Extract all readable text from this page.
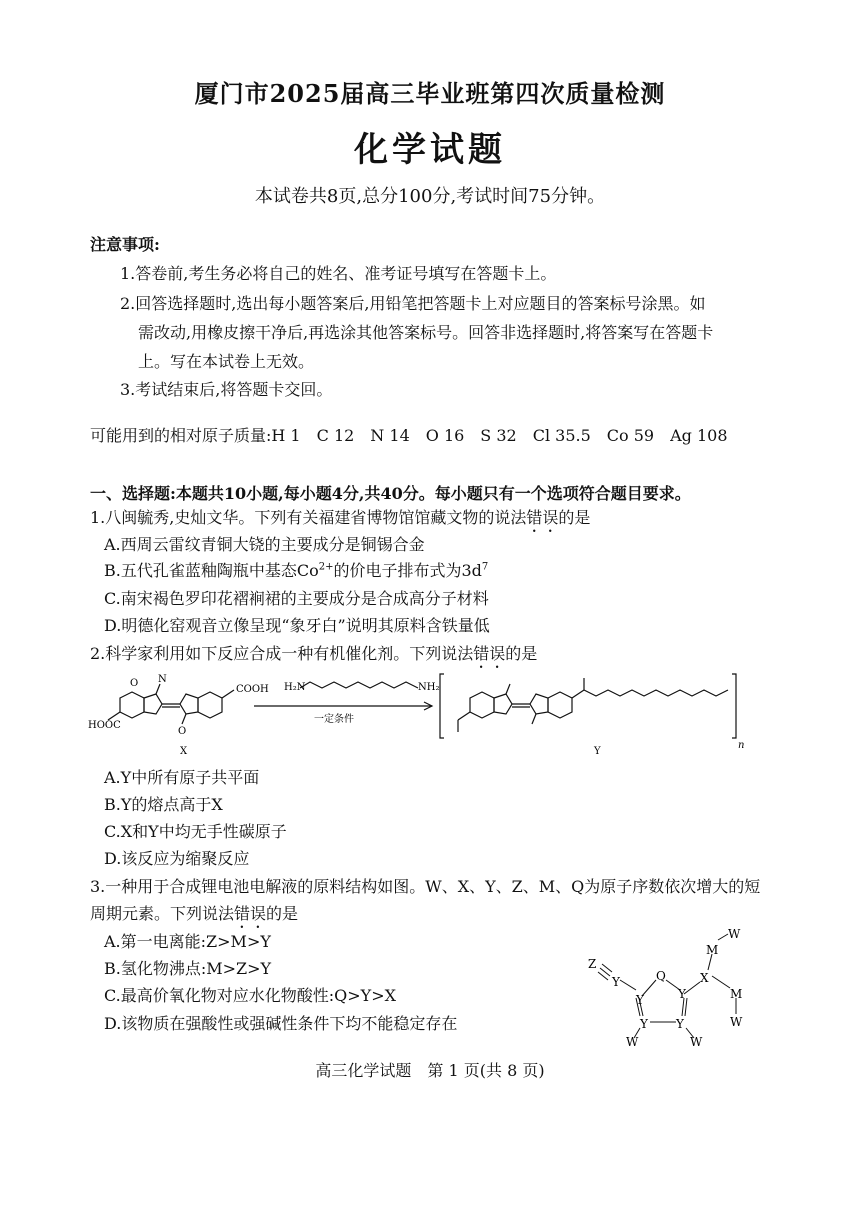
厦门市2025届高三毕业班第四次质量检测
化学试题
本试卷共8页,总分100分,考试时间75分钟。
注意事项:
1.答卷前,考生务必将自己的姓名、准考证号填写在答题卡上。
2.回答选择题时,选出每小题答案后,用铅笔把答题卡上对应题目的答案标号涂黑。如
需改动,用橡皮擦干净后,再选涂其他答案标号。回答非选择题时,将答案写在答题卡
上。写在本试卷上无效。
3.考试结束后,将答题卡交回。
可能用到的相对原子质量:H 1　C 12　N 14　O 16　S 32　Cl 35.5　Co 59　Ag 108
一、选择题:本题共10小题,每小题4分,共40分。每小题只有一个选项符合题目要求。
1.八闽毓秀,史灿文华。下列有关福建省博物馆馆藏文物的说法错误的是
A.西周云雷纹青铜大铙的主要成分是铜锡合金
B.五代孔雀蓝釉陶瓶中基态$Co^{2+}$的价电子排布式为$3d^7$
C.南宋褐色罗印花褶裥裙的主要成分是合成高分子材料
D.明德化窑观音立像呈现“象牙白”说明其原料含铁量低
2.科学家利用如下反应合成一种有机催化剂。下列说法错误的是
O N
O
COOH
HOOC
X
H₂N	NH₂
一定条件
Y
n
A.Y中所有原子共平面
B.Y的熔点高于X
C.X和Y中均无手性碳原子
D.该反应为缩聚反应
3.一种用于合成锂电池电解液的原料结构如图。W、X、Y、Z、M、Q为原子序数依次增大的短
周期元素。下列说法错误的是
A.第一电离能:Z>M>Y
B.氢化物沸点:M>Z>Y
C.最高价氧化物对应水化物酸性:Q>Y>X
D.该物质在强酸性或强碱性条件下均不能稳定存在
Z
Y
Y
Q
Y
X
Y Y
M
W
M
W
W	W
高三化学试题　第 1 页(共 8 页)
